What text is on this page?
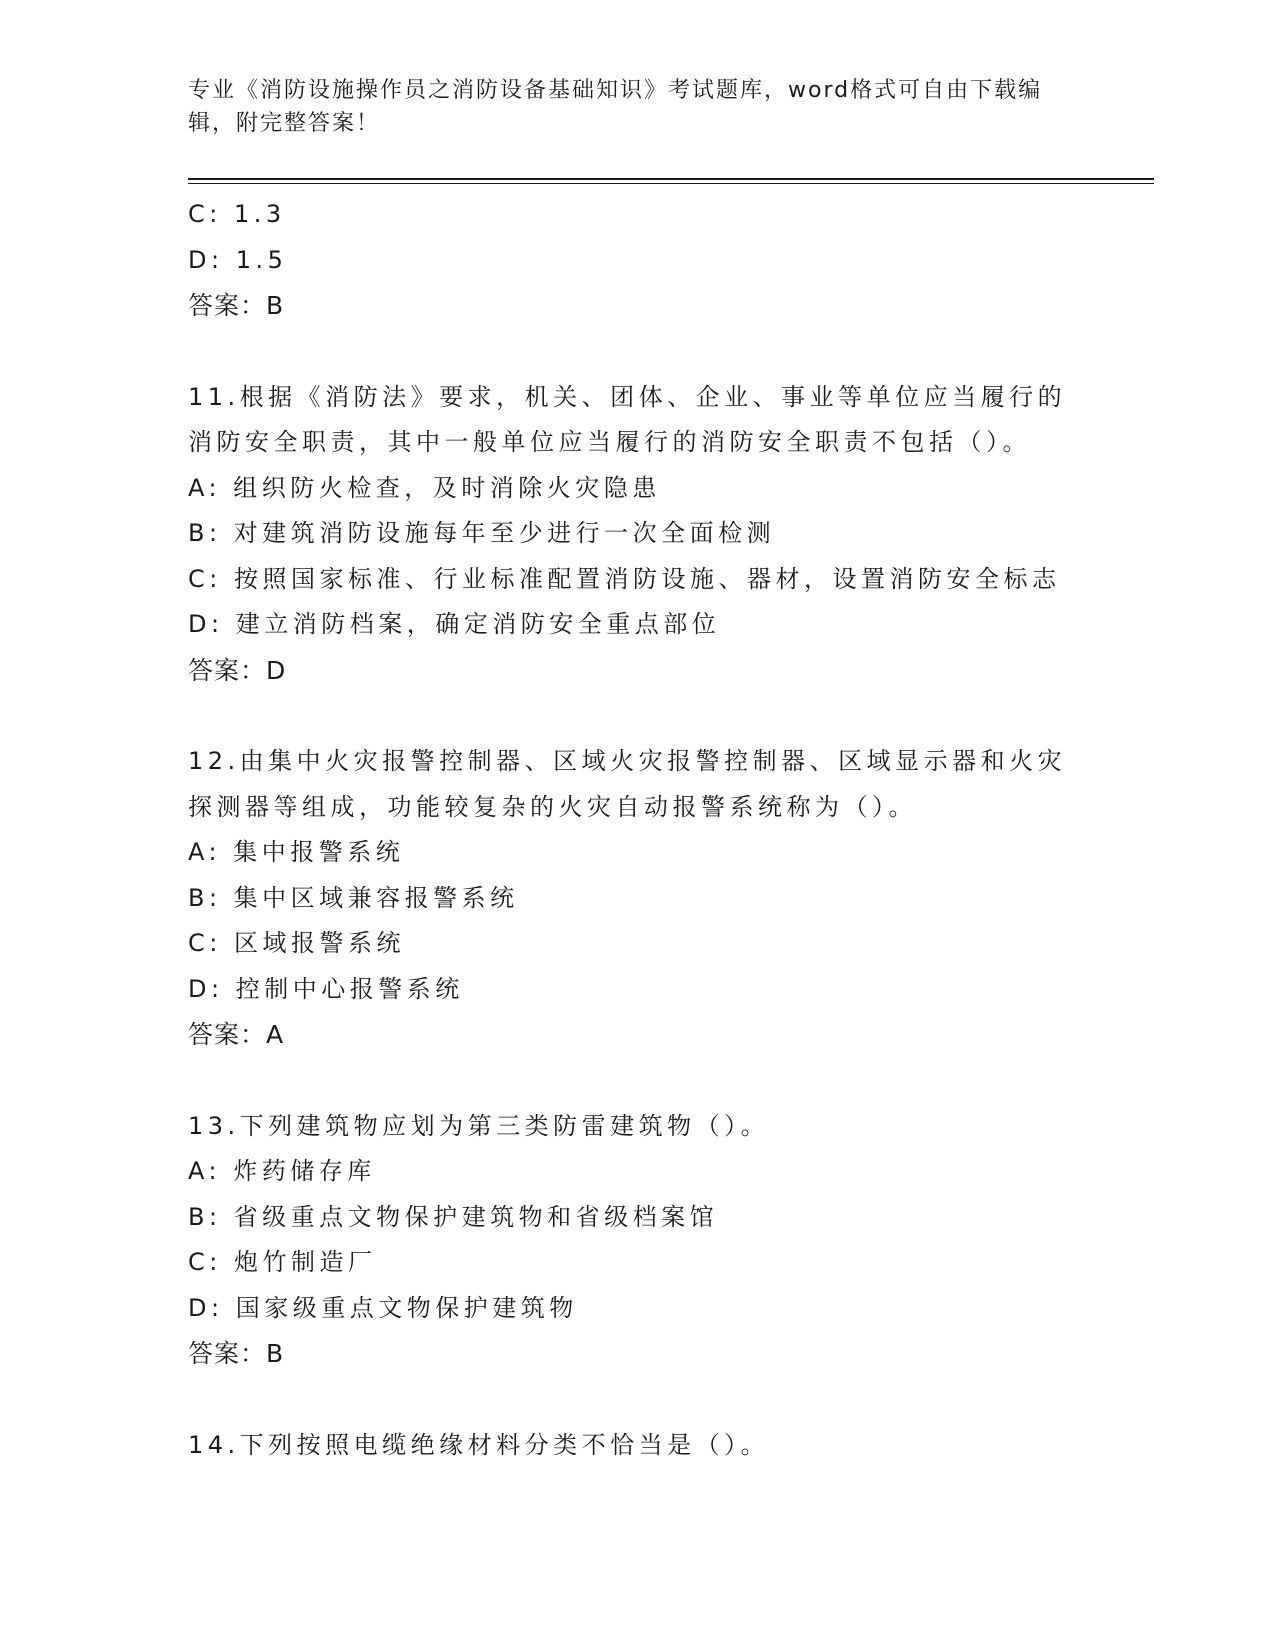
专业《消防设施操作员之消防设备基础知识》考试题库，word格式可自由下载编辑，附完整答案！
C: 1.3
D: 1.5
答案：B
11.根据《消防法》要求，机关、团体、企业、事业等单位应当履行的消防安全职责，其中一般单位应当履行的消防安全职责不包括（）。
A: 组织防火检查，及时消除火灾隐患
B: 对建筑消防设施每年至少进行一次全面检测
C: 按照国家标准、行业标准配置消防设施、器材，设置消防安全标志
D: 建立消防档案，确定消防安全重点部位
答案：D
12.由集中火灾报警控制器、区域火灾报警控制器、区域显示器和火灾探测器等组成，功能较复杂的火灾自动报警系统称为（）。
A: 集中报警系统
B: 集中区域兼容报警系统
C: 区域报警系统
D: 控制中心报警系统
答案：A
13.下列建筑物应划为第三类防雷建筑物（）。
A: 炸药储存库
B: 省级重点文物保护建筑物和省级档案馆
C: 炮竹制造厂
D: 国家级重点文物保护建筑物
答案：B
14.下列按照电缆绝缘材料分类不恰当是（）。
